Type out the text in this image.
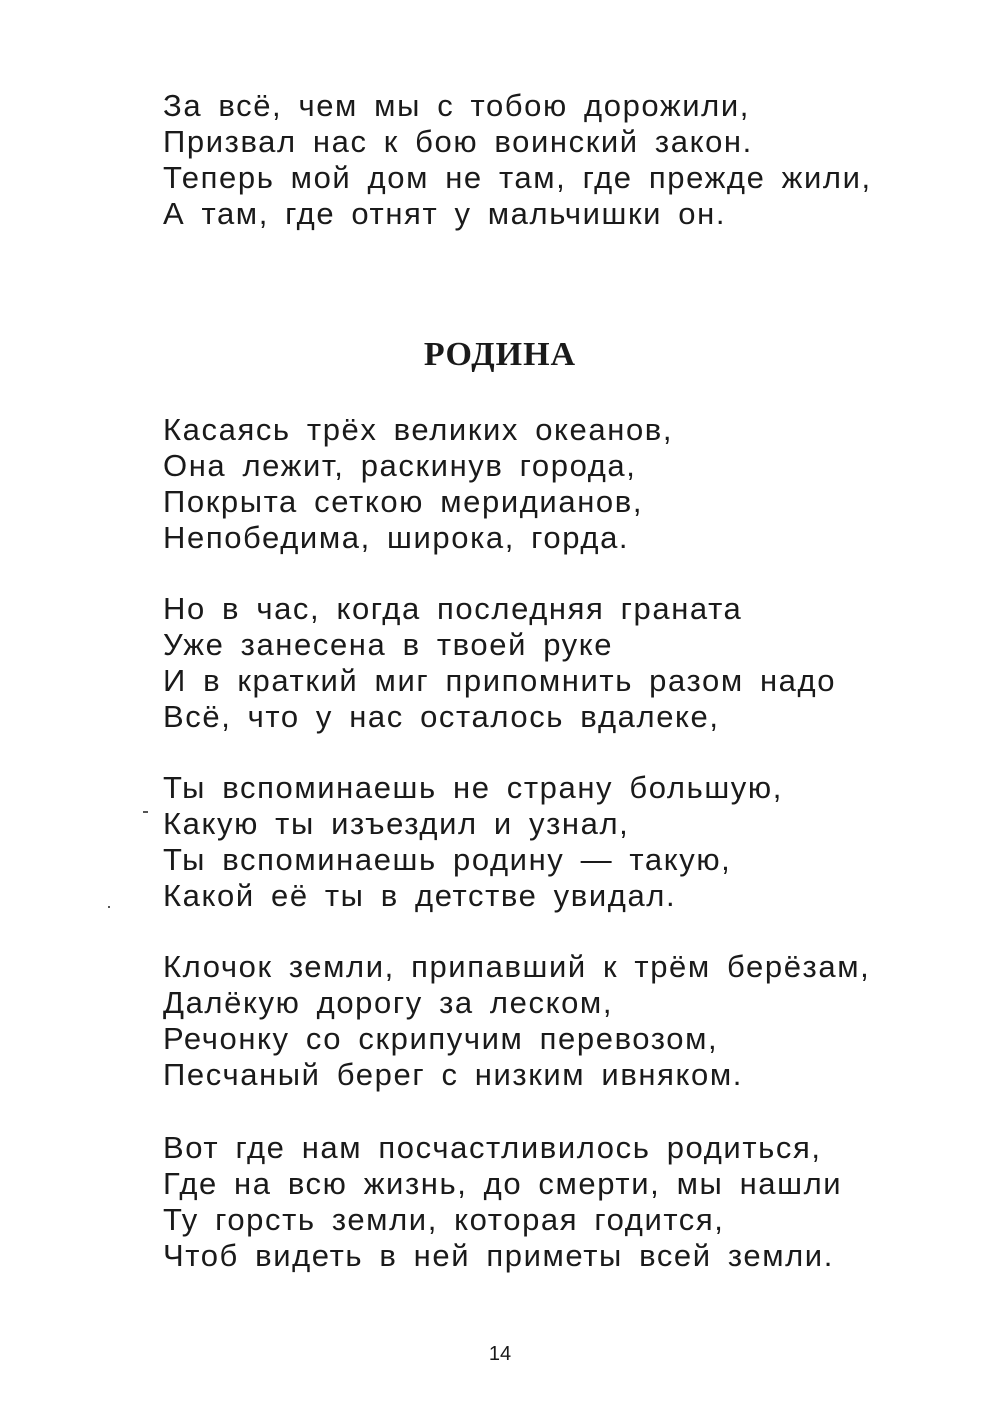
За всё, чем мы с тобою дорожили,
Призвал нас к бою воинский закон.
Теперь мой дом не там, где прежде жили,
А там, где отнят у мальчишки он.
РОДИНА
Касаясь трёх великих океанов,
Она лежит, раскинув города,
Покрыта сеткою меридианов,
Непобедима, широка, горда.
Но в час, когда последняя граната
Уже занесена в твоей руке
И в краткий миг припомнить разом надо
Всё, что у нас осталось вдалеке,
Ты вспоминаешь не страну большую,
Какую ты изъездил и узнал,
Ты вспоминаешь родину — такую,
Какой её ты в детстве увидал.
Клочок земли, припавший к трём берёзам,
Далёкую дорогу за леском,
Речонку со скрипучим перевозом,
Песчаный берег с низким ивняком.
Вот где нам посчастливилось родиться,
Где на всю жизнь, до смерти, мы нашли
Ту горсть земли, которая годится,
Чтоб видеть в ней приметы всей земли.
14
